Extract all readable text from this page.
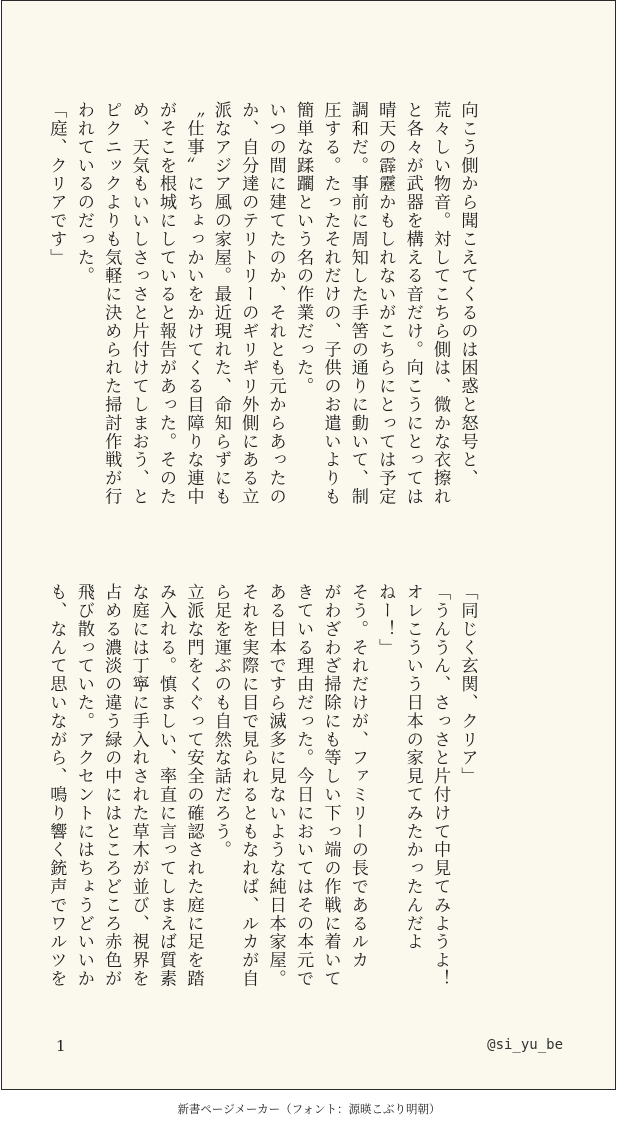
向こう側から聞こえてくるのは困惑と怒号と、
荒々しい物音。対してこちら側は、微かな衣擦れ
と各々が武器を構える音だけ。向こうにとっては
晴天の霹靂かもしれないがこちらにとっては予定
調和だ。事前に周知した手筈の通りに動いて、制
圧する。たったそれだけの、子供のお遣いよりも
簡単な蹂躙という名の作業だった。
いつの間に建てたのか、それとも元からあったの
か、自分達のテリトリーのギリギリ外側にある立
派なアジア風の家屋。最近現れた、命知らずにも
〝仕事〟にちょっかいをかけてくる目障りな連中
がそこを根城にしていると報告があった。そのた
め、天気もいいしさっさと片付けてしまおう、と
ピクニックよりも気軽に決められた掃討作戦が行
われているのだった。
「庭、クリアです」
「同じく玄関、クリア」
「うんうん、さっさと片付けて中見てみようよ！
オレこういう日本の家見てみたかったんだよ
ねー！」
そう。それだけが、ファミリーの長であるルカ
がわざわざ掃除にも等しい下っ端の作戦に着いて
きている理由だった。今日においてはその本元で
ある日本ですら滅多に見ないような純日本家屋。
それを実際に目で見られるともなれば、ルカが自
ら足を運ぶのも自然な話だろう。
立派な門をくぐって安全の確認された庭に足を踏
み入れる。慎ましい、率直に言ってしまえば質素
な庭には丁寧に手入れされた草木が並び、視界を
占める濃淡の違う緑の中にはところどころ赤色が
飛び散っていた。アクセントにはちょうどいいか
も、なんて思いながら、鳴り響く銃声でワルツを
1	@si_yu_be
新書ページメーカー（フォント：源暎こぶり明朝）
